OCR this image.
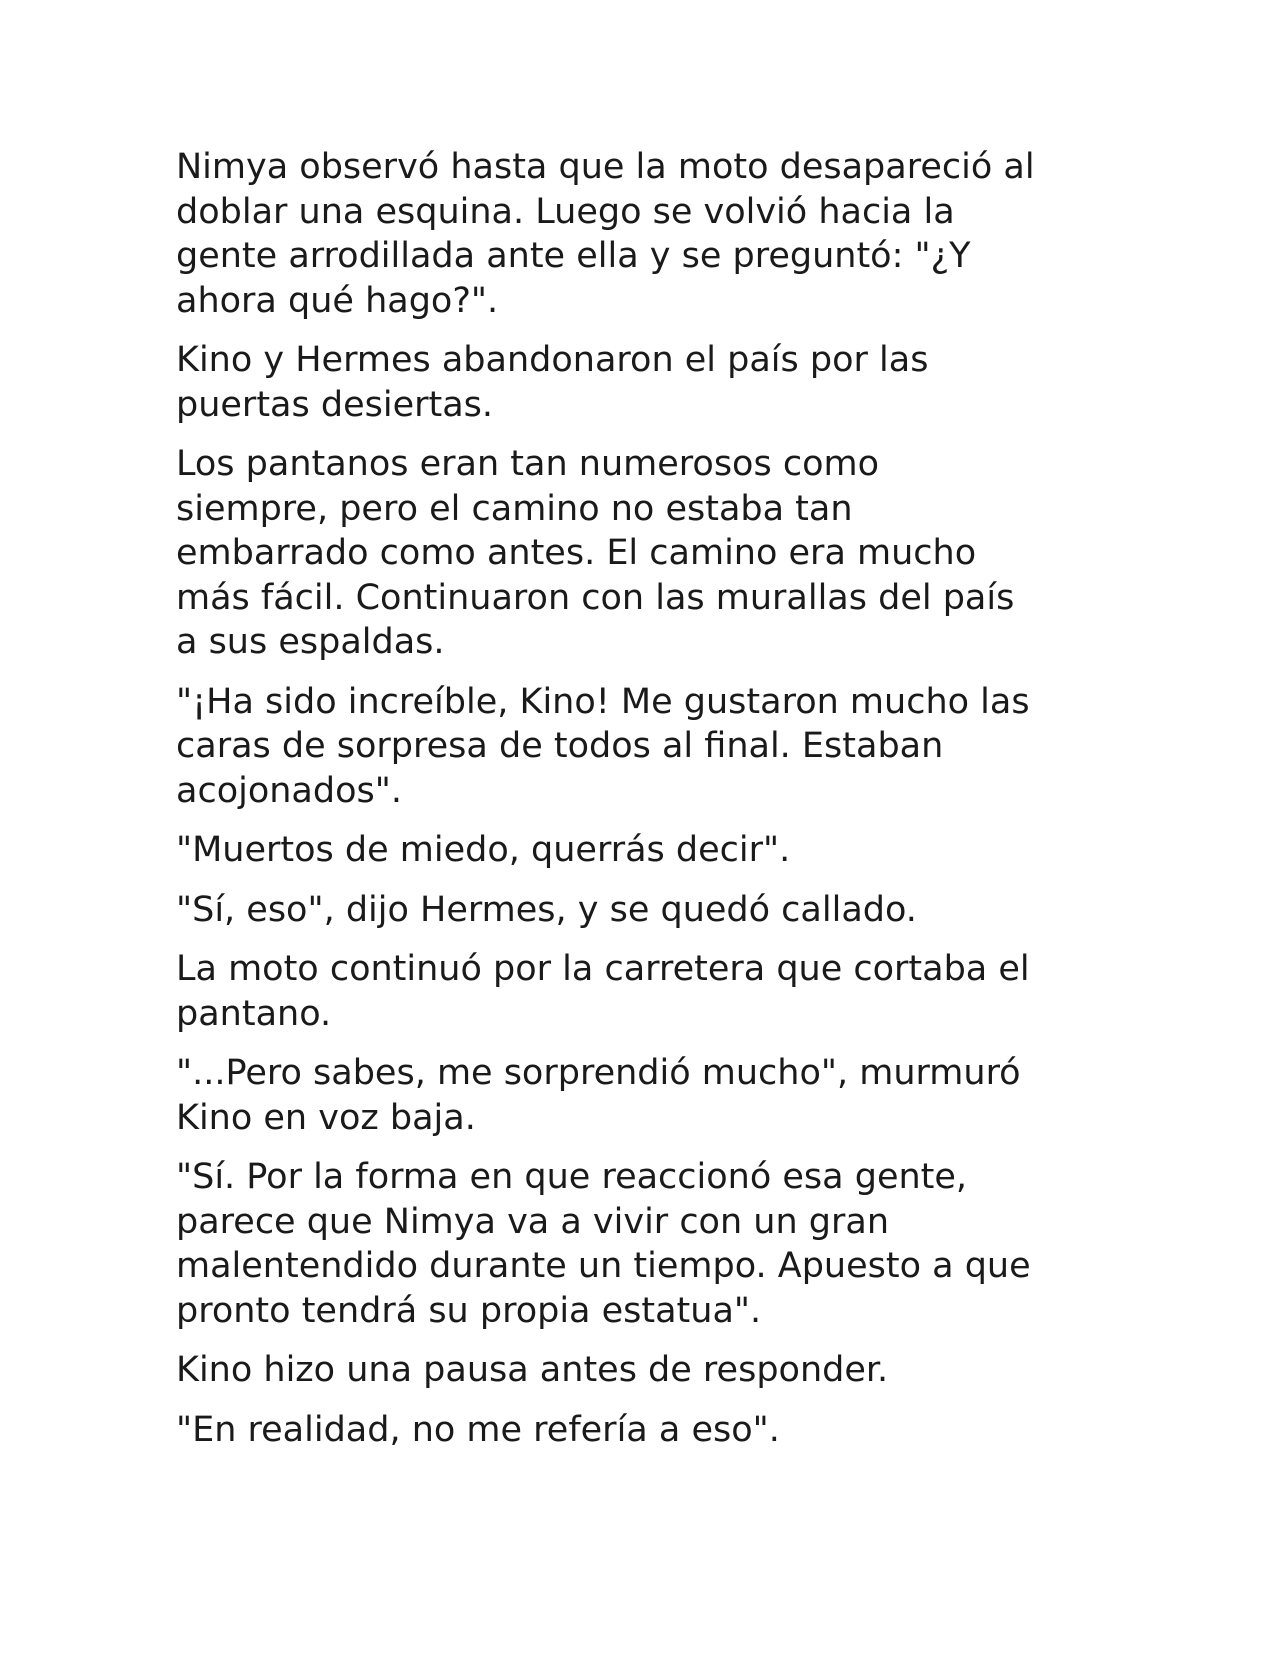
Nimya observó hasta que la moto desapareció al
doblar una esquina. Luego se volvió hacia la
gente arrodillada ante ella y se preguntó: "¿Y
ahora qué hago?".

Kino y Hermes abandonaron el país por las
puertas desiertas.

Los pantanos eran tan numerosos como
siempre, pero el camino no estaba tan
embarrado como antes. El camino era mucho
más fácil. Continuaron con las murallas del país
a sus espaldas.

"¡Ha sido increíble, Kino! Me gustaron mucho las
caras de sorpresa de todos al final. Estaban
acojonados".

"Muertos de miedo, querrás decir".

"Sí, eso", dijo Hermes, y se quedó callado.

La moto continuó por la carretera que cortaba el
pantano.

"...Pero sabes, me sorprendió mucho", murmuró
Kino en voz baja.

"Sí. Por la forma en que reaccionó esa gente,
parece que Nimya va a vivir con un gran
malentendido durante un tiempo. Apuesto a que
pronto tendrá su propia estatua".

Kino hizo una pausa antes de responder.

"En realidad, no me refería a eso".
